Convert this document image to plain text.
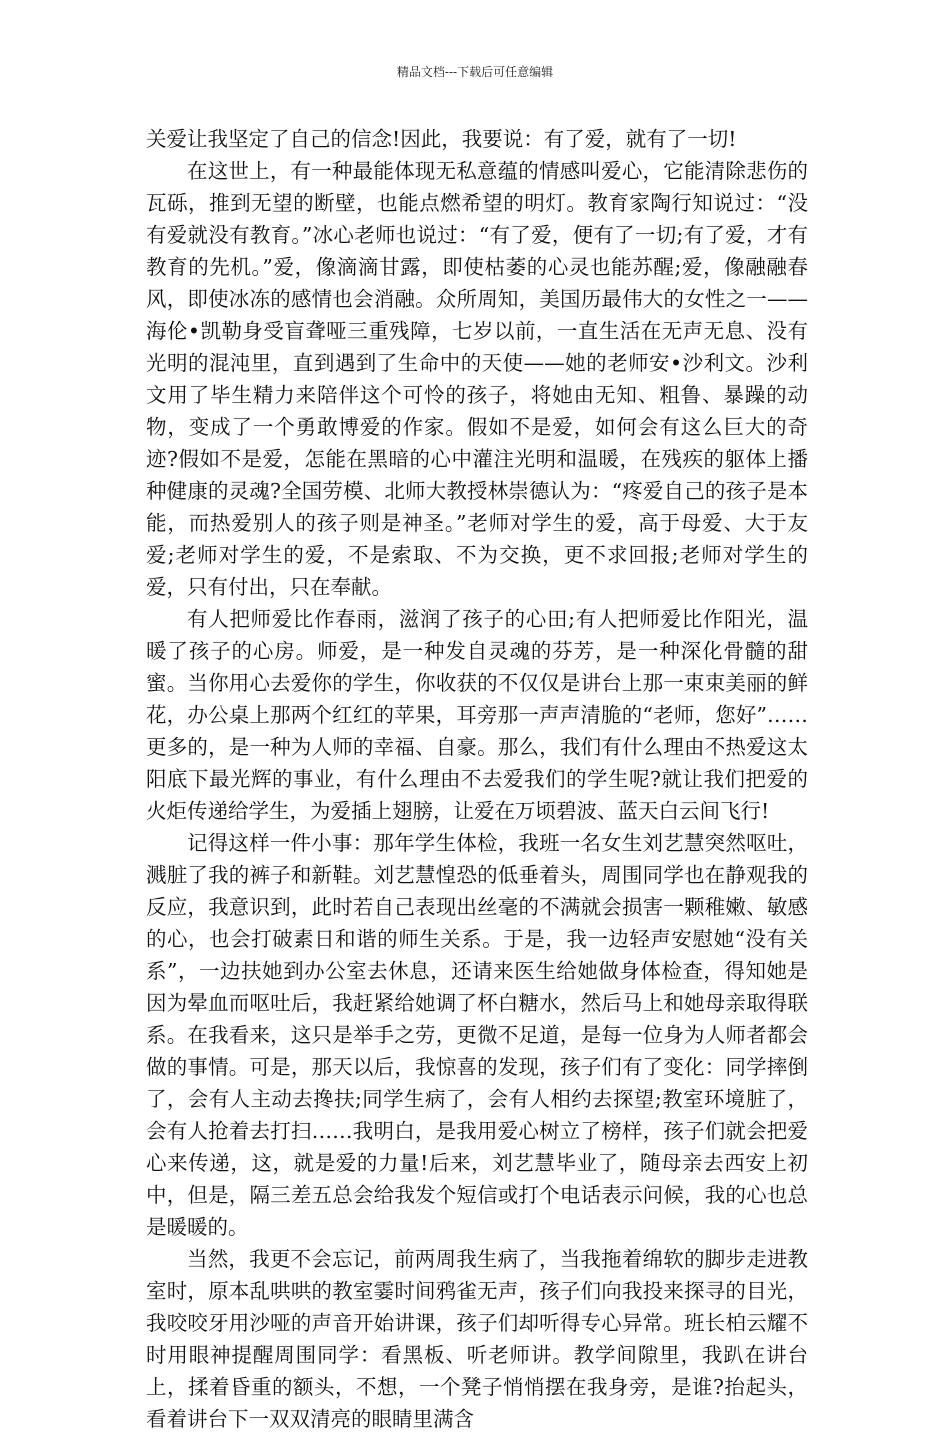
精品文档---下载后可任意编辑

关爱让我坚定了自己的信念!因此，我要说：有了爱，就有了一切!

在这世上，有一种最能体现无私意蕴的情感叫爱心，它能清除悲伤的瓦砾，推到无望的断壁，也能点燃希望的明灯。教育家陶行知说过：“没有爱就没有教育。”冰心老师也说过：“有了爱，便有了一切;有了爱，才有教育的先机。”爱，像滴滴甘露，即使枯萎的心灵也能苏醒;爱，像融融春风，即使冰冻的感情也会消融。众所周知，美国历最伟大的女性之一——海伦•凯勒身受盲聋哑三重残障，七岁以前，一直生活在无声无息、没有光明的混沌里，直到遇到了生命中的天使——她的老师安•沙利文。沙利文用了毕生精力来陪伴这个可怜的孩子，将她由无知、粗鲁、暴躁的动物，变成了一个勇敢博爱的作家。假如不是爱，如何会有这么巨大的奇迹?假如不是爱，怎能在黑暗的心中灌注光明和温暖，在残疾的躯体上播种健康的灵魂?全国劳模、北师大教授林崇德认为：“疼爱自己的孩子是本能，而热爱别人的孩子则是神圣。”老师对学生的爱，高于母爱、大于友爱;老师对学生的爱，不是索取、不为交换，更不求回报;老师对学生的爱，只有付出，只在奉献。

有人把师爱比作春雨，滋润了孩子的心田;有人把师爱比作阳光，温暖了孩子的心房。师爱，是一种发自灵魂的芬芳，是一种深化骨髓的甜蜜。当你用心去爱你的学生，你收获的不仅仅是讲台上那一束束美丽的鲜花，办公桌上那两个红红的苹果，耳旁那一声声清脆的“老师，您好”……更多的，是一种为人师的幸福、自豪。那么，我们有什么理由不热爱这太阳底下最光辉的事业，有什么理由不去爱我们的学生呢?就让我们把爱的火炬传递给学生，为爱插上翅膀，让爱在万顷碧波、蓝天白云间飞行!

记得这样一件小事：那年学生体检，我班一名女生刘艺慧突然呕吐，溅脏了我的裤子和新鞋。刘艺慧惶恐的低垂着头，周围同学也在静观我的反应，我意识到，此时若自己表现出丝毫的不满就会损害一颗稚嫩、敏感的心，也会打破素日和谐的师生关系。于是，我一边轻声安慰她“没有关系”，一边扶她到办公室去休息，还请来医生给她做身体检查，得知她是因为晕血而呕吐后，我赶紧给她调了杯白糖水，然后马上和她母亲取得联系。在我看来，这只是举手之劳，更微不足道，是每一位身为人师者都会做的事情。可是，那天以后，我惊喜的发现，孩子们有了变化：同学摔倒了，会有人主动去搀扶;同学生病了，会有人相约去探望;教室环境脏了，会有人抢着去打扫……我明白，是我用爱心树立了榜样，孩子们就会把爱心来传递，这，就是爱的力量!后来，刘艺慧毕业了，随母亲去西安上初中，但是，隔三差五总会给我发个短信或打个电话表示问候，我的心也总是暖暖的。

当然，我更不会忘记，前两周我生病了，当我拖着绵软的脚步走进教室时，原本乱哄哄的教室霎时间鸦雀无声，孩子们向我投来探寻的目光，我咬咬牙用沙哑的声音开始讲课，孩子们却听得专心异常。班长柏云耀不时用眼神提醒周围同学：看黑板、听老师讲。教学间隙里，我趴在讲台上，揉着昏重的额头，不想，一个凳子悄悄摆在我身旁，是谁?抬起头，看着讲台下一双双清亮的眼睛里满含
